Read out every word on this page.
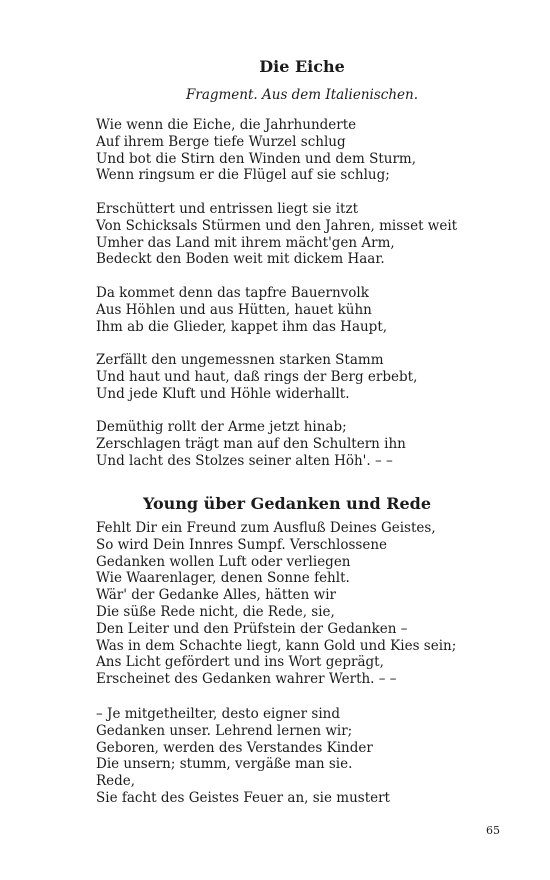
Die Eiche

Fragment. Aus dem Italienischen.

Wie wenn die Eiche, die Jahrhunderte
Auf ihrem Berge tiefe Wurzel schlug
Und bot die Stirn den Winden und dem Sturm,
Wenn ringsum er die Flügel auf sie schlug;

Erschüttert und entrissen liegt sie itzt
Von Schicksals Stürmen und den Jahren, misset weit
Umher das Land mit ihrem mächt'gen Arm,
Bedeckt den Boden weit mit dickem Haar.

Da kommet denn das tapfre Bauernvolk
Aus Höhlen und aus Hütten, hauet kühn
Ihm ab die Glieder, kappet ihm das Haupt,

Zerfällt den ungemessnen starken Stamm
Und haut und haut, daß rings der Berg erbebt,
Und jede Kluft und Höhle widerhallt.

Demüthig rollt der Arme jetzt hinab;
Zerschlagen trägt man auf den Schultern ihn
Und lacht des Stolzes seiner alten Höh'. – –

Young über Gedanken und Rede

Fehlt Dir ein Freund zum Ausfluß Deines Geistes,
So wird Dein Innres Sumpf. Verschlossene
Gedanken wollen Luft oder verliegen
Wie Waarenlager, denen Sonne fehlt.
Wär' der Gedanke Alles, hätten wir
Die süße Rede nicht, die Rede, sie,
Den Leiter und den Prüfstein der Gedanken –
Was in dem Schachte liegt, kann Gold und Kies sein;
Ans Licht gefördert und ins Wort geprägt,
Erscheinet des Gedanken wahrer Werth. – –

– Je mitgetheilter, desto eigner sind
Gedanken unser. Lehrend lernen wir;
Geboren, werden des Verstandes Kinder
Die unsern; stumm, vergäße man sie.
Rede,
Sie facht des Geistes Feuer an, sie mustert

65
